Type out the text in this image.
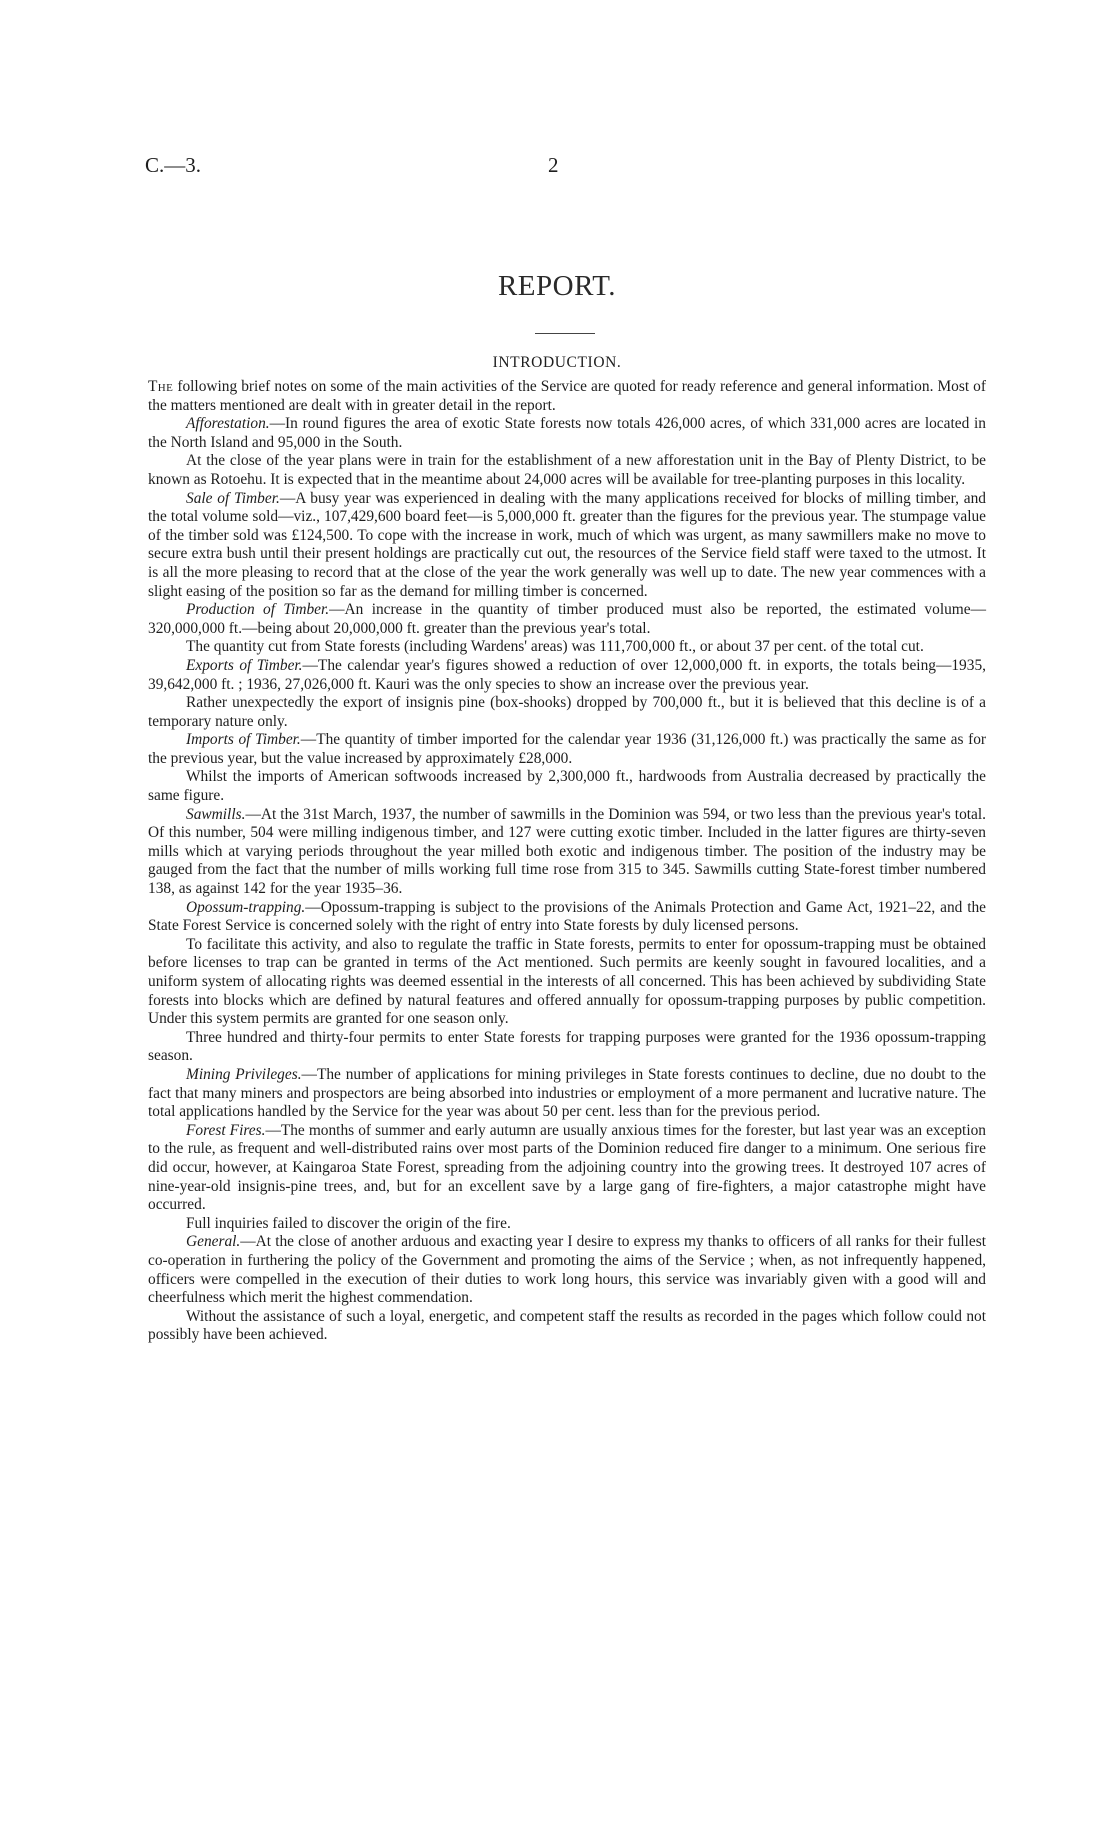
C.—3.	2
REPORT.
INTRODUCTION.

The following brief notes on some of the main activities of the Service are quoted for ready reference and general information. Most of the matters mentioned are dealt with in greater detail in the report.

Afforestation.—In round figures the area of exotic State forests now totals 426,000 acres, of which 331,000 acres are located in the North Island and 95,000 in the South.

At the close of the year plans were in train for the establishment of a new afforestation unit in the Bay of Plenty District, to be known as Rotoehu. It is expected that in the meantime about 24,000 acres will be available for tree-planting purposes in this locality.

Sale of Timber.—A busy year was experienced in dealing with the many applications received for blocks of milling timber, and the total volume sold—viz., 107,429,600 board feet—is 5,000,000 ft. greater than the figures for the previous year. The stumpage value of the timber sold was £124,500. To cope with the increase in work, much of which was urgent, as many sawmillers make no move to secure extra bush until their present holdings are practically cut out, the resources of the Service field staff were taxed to the utmost. It is all the more pleasing to record that at the close of the year the work generally was well up to date. The new year commences with a slight easing of the position so far as the demand for milling timber is concerned.

Production of Timber.—An increase in the quantity of timber produced must also be reported, the estimated volume—320,000,000 ft.—being about 20,000,000 ft. greater than the previous year's total.

The quantity cut from State forests (including Wardens' areas) was 111,700,000 ft., or about 37 per cent. of the total cut.

Exports of Timber.—The calendar year's figures showed a reduction of over 12,000,000 ft. in exports, the totals being—1935, 39,642,000 ft. ; 1936, 27,026,000 ft. Kauri was the only species to show an increase over the previous year.

Rather unexpectedly the export of insignis pine (box-shooks) dropped by 700,000 ft., but it is believed that this decline is of a temporary nature only.

Imports of Timber.—The quantity of timber imported for the calendar year 1936 (31,126,000 ft.) was practically the same as for the previous year, but the value increased by approximately £28,000.

Whilst the imports of American softwoods increased by 2,300,000 ft., hardwoods from Australia decreased by practically the same figure.

Sawmills.—At the 31st March, 1937, the number of sawmills in the Dominion was 594, or two less than the previous year's total. Of this number, 504 were milling indigenous timber, and 127 were cutting exotic timber. Included in the latter figures are thirty-seven mills which at varying periods throughout the year milled both exotic and indigenous timber. The position of the industry may be gauged from the fact that the number of mills working full time rose from 315 to 345. Sawmills cutting State-forest timber numbered 138, as against 142 for the year 1935–36.

Opossum-trapping.—Opossum-trapping is subject to the provisions of the Animals Protection and Game Act, 1921–22, and the State Forest Service is concerned solely with the right of entry into State forests by duly licensed persons.

To facilitate this activity, and also to regulate the traffic in State forests, permits to enter for opossum-trapping must be obtained before licenses to trap can be granted in terms of the Act mentioned. Such permits are keenly sought in favoured localities, and a uniform system of allocating rights was deemed essential in the interests of all concerned. This has been achieved by subdividing State forests into blocks which are defined by natural features and offered annually for opossum-trapping purposes by public competition. Under this system permits are granted for one season only.

Three hundred and thirty-four permits to enter State forests for trapping purposes were granted for the 1936 opossum-trapping season.

Mining Privileges.—The number of applications for mining privileges in State forests continues to decline, due no doubt to the fact that many miners and prospectors are being absorbed into industries or employment of a more permanent and lucrative nature. The total applications handled by the Service for the year was about 50 per cent. less than for the previous period.

Forest Fires.—The months of summer and early autumn are usually anxious times for the forester, but last year was an exception to the rule, as frequent and well-distributed rains over most parts of the Dominion reduced fire danger to a minimum. One serious fire did occur, however, at Kaingaroa State Forest, spreading from the adjoining country into the growing trees. It destroyed 107 acres of nine-year-old insignis-pine trees, and, but for an excellent save by a large gang of fire-fighters, a major catastrophe might have occurred.

Full inquiries failed to discover the origin of the fire.

General.—At the close of another arduous and exacting year I desire to express my thanks to officers of all ranks for their fullest co-operation in furthering the policy of the Government and promoting the aims of the Service ; when, as not infrequently happened, officers were compelled in the execution of their duties to work long hours, this service was invariably given with a good will and cheerfulness which merit the highest commendation.

Without the assistance of such a loyal, energetic, and competent staff the results as recorded in the pages which follow could not possibly have been achieved.
